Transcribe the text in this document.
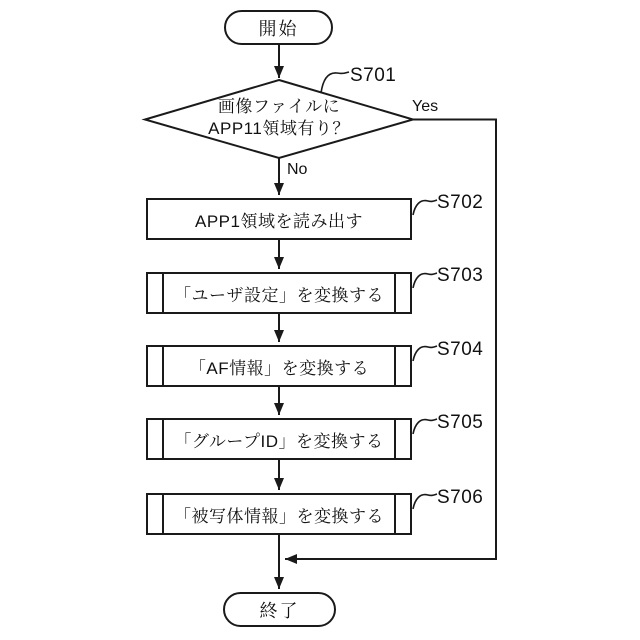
開始
画像ファイルに
APP11領域有り？
Yes
No
S701
S702
S703
S704
S705
S706
APP1領域を読み出す
「ユーザ設定」を変換する
「AF情報」を変換する
「グループID」を変換する
「被写体情報」を変換する
終了
